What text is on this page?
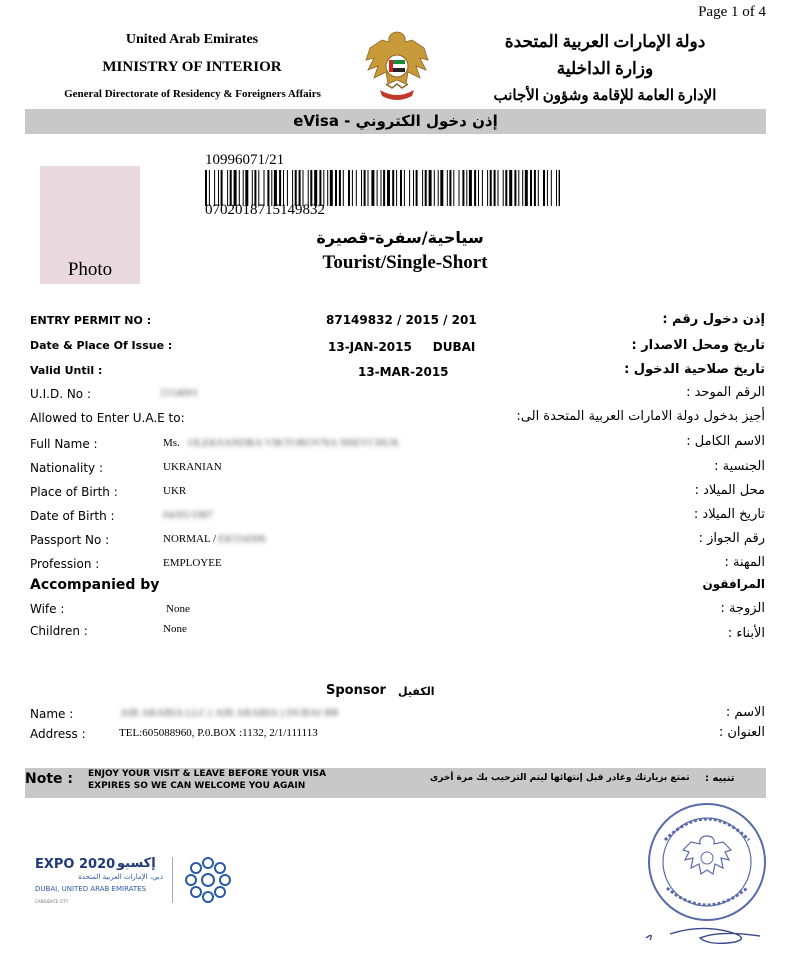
Page 1 of 4
United Arab Emirates
MINISTRY OF INTERIOR
General Directorate of Residency & Foreigners Affairs
دولة الإمارات العربية المتحدة
وزارة الداخلية
الإدارة العامة للإقامة وشؤون الأجانب
eVisa - إذن دخول الكتروني
Photo
10996071/21
0702018715149832
سياحية/سفرة-قصيرة
Tourist/Single-Short
ENTRY PERMIT NO :	87149832 / 2015 / 201	إذن دخول رقم :
Date & Place Of Issue :	13-JAN-2015     DUBAI	تاريخ ومحل الاصدار :
Valid Until :	13-MAR-2015	تاريخ صلاحية الدخول :
U.I.D. No :	2154001	الرقم الموحد :
Allowed to Enter U.A.E to:	أجيز بدخول دولة الامارات العربية المتحدة الى:
Full Name :	Ms. OLEKSANDRA VIKTOROVNA SHEVCHUK	الاسم الكامل :
Nationality :	UKRANIAN	الجنسية :
Place of Birth :	UKR	محل الميلاد :
Date of Birth :	04/05/1987	تاريخ الميلاد :
Passport No :	NORMAL / EK554306	رقم الجواز :
Profession :	EMPLOYEE	المهنة :
Accompanied by	المرافقون
Wife :	None	الزوجة :
Children :	None	الأبناء :
Sponsor الكفيل
Name :	AIR ARABIA LLC ( AIR ARABIA ) DUBAI BR	الاسم :
Address :	TEL:605088960, P.0.BOX :1132, 2/1/111113	العنوان :
Note : ENJOY YOUR VISIT & LEAVE BEFORE YOUR VISA
EXPIRES SO WE CAN WELCOME YOU AGAIN
تمتع بزيارتك وغادر قبل إنتهائها ليتم الترحيب بك مرة أخرى تنبيه :
EXPO 2020 إكسبو
دبي، الإمارات العربية المتحدة
DUBAI, UNITED ARAB EMIRATES
CANDIDATE CITY
